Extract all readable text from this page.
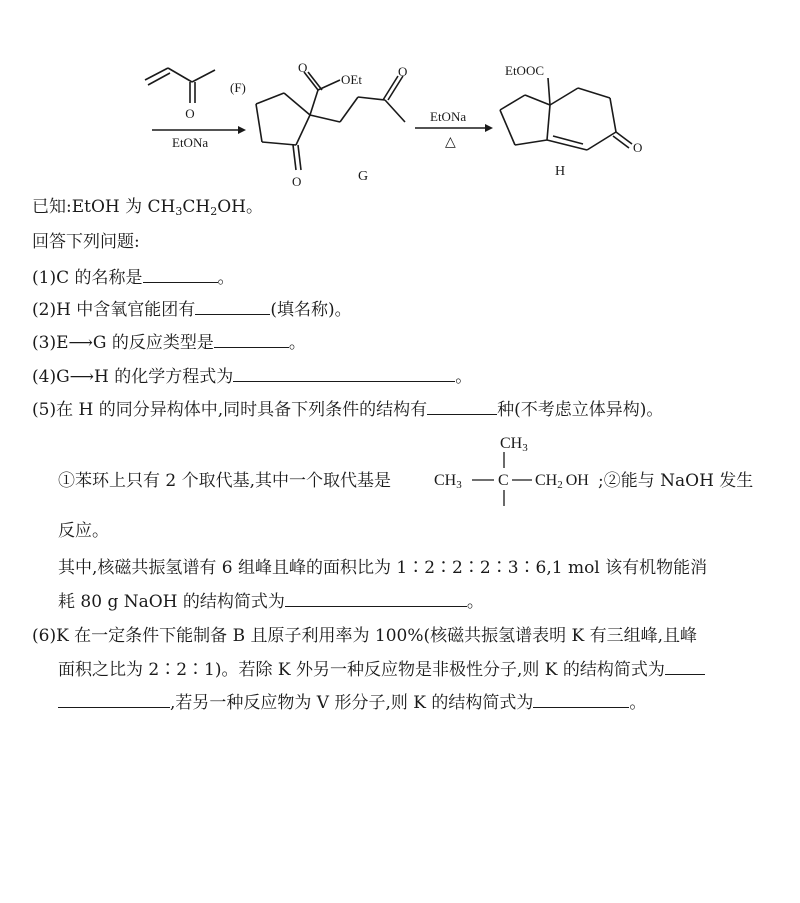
O
(F)
EtONa
O
OEt
O
O	G
EtONa
△
EtOOC
O
H
已知:EtOH 为 $CH_3CH_2OH$。
回答下列问题:
(1)C 的名称是	。
(2)H 中含氧官能团有	(填名称)。
(3)E⟶G 的反应类型是	。
(4)G⟶H 的化学方程式为	。
(5)在 H 的同分异构体中,同时具备下列条件的结构有	种(不考虑立体异构)。
①苯环上只有 2 个取代基,其中一个取代基是
CH3
CH3 C CH2 OH ;②能与 NaOH 发生
反应。
其中,核磁共振氢谱有 6 组峰且峰的面积比为 1∶2∶2∶2∶3∶6,1 mol 该有机物能消
耗 80 g NaOH 的结构简式为	。
(6)K 在一定条件下能制备 B 且原子利用率为 100%(核磁共振氢谱表明 K 有三组峰,且峰
面积之比为 2∶2∶1)。若除 K 外另一种反应物是非极性分子,则 K 的结构简式为
,若另一种反应物为 V 形分子,则 K 的结构简式为	。
